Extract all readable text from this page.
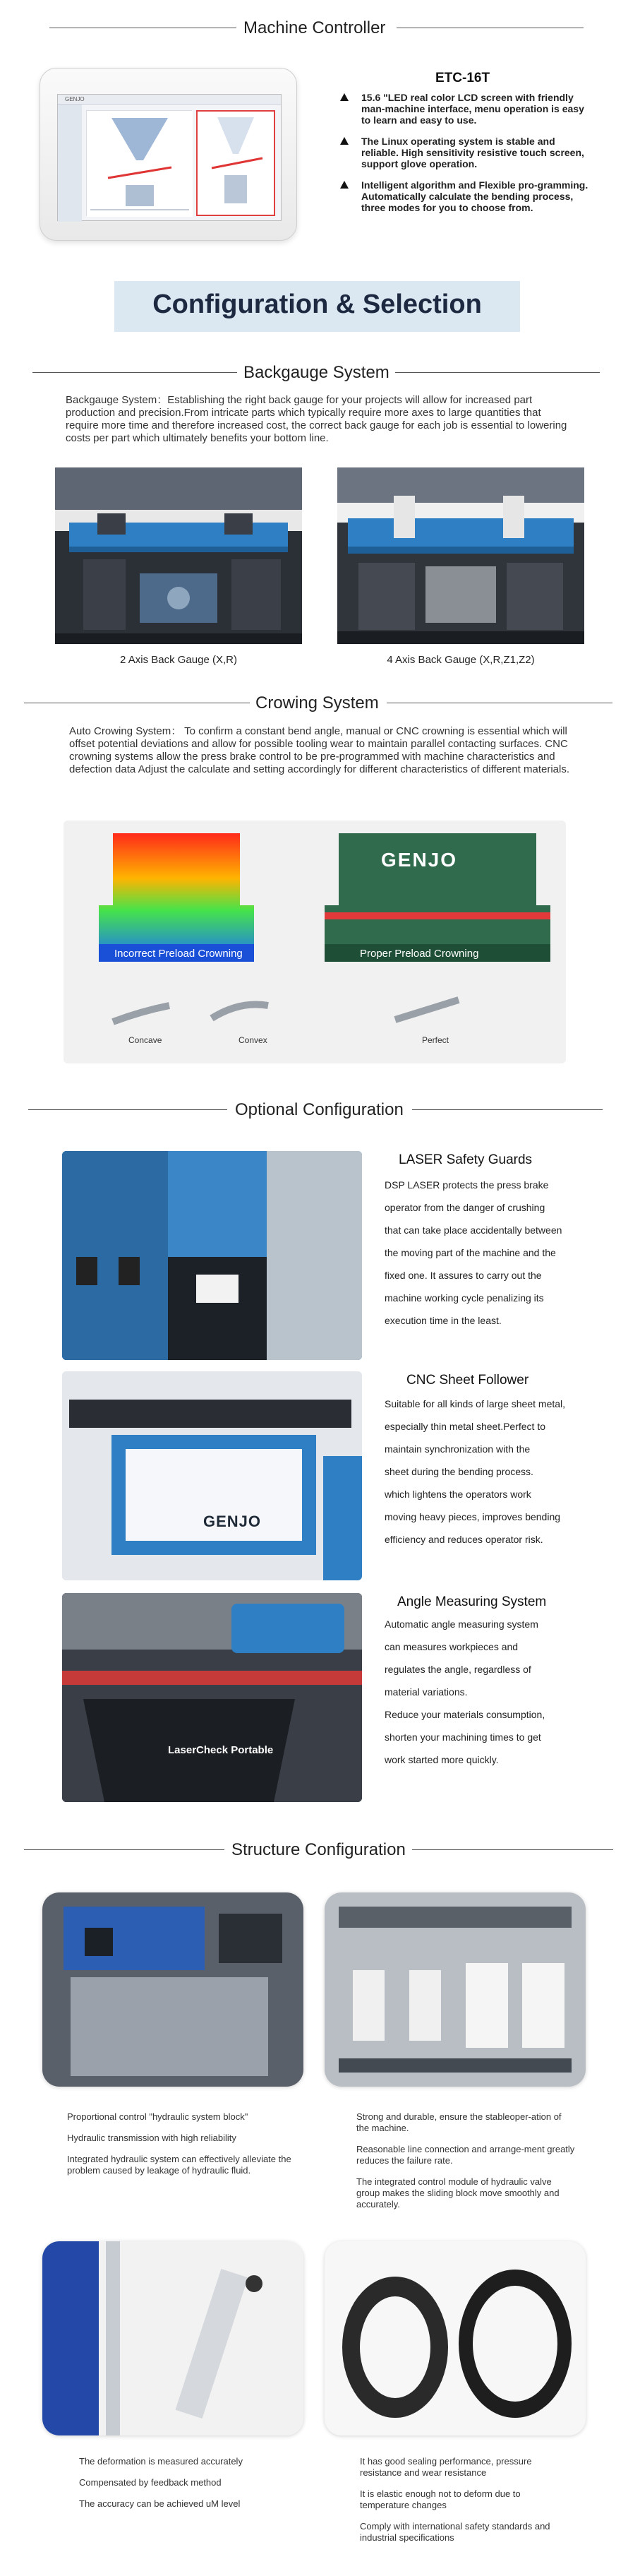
Machine Controller
GENJO
ETC-16T
15.6 "LED real color LCD screen with friendly man-machine interface, menu operation is easy to learn and easy to use.
The Linux operating system is stable and reliable. High sensitivity resistive touch screen, support glove operation.
Intelligent algorithm and Flexible pro-gramming. Automatically calculate the bending process, three modes for you to choose from.
Configuration & Selection
Backgauge System
Backgauge System：Establishing the right back gauge for your projects will allow for increased part production and precision.From intricate parts which typically require more axes to large quantities that require more time and therefore increased cost, the correct back gauge for each job is essential to lowering costs per part which ultimately benefits your bottom line.
2 Axis Back Gauge (X,R)	4 Axis Back Gauge (X,R,Z1,Z2)
Crowing System
Auto Crowing System： To confirm a constant bend angle, manual or CNC crowning is essential which will offset potential deviations and allow for possible tooling wear to maintain parallel contacting surfaces. CNC crowning systems allow the press brake control to be pre-programmed with machine characteristics and defection data Adjust the calculate and setting accordingly for different characteristics of different materials.
Incorrect Preload Crowning
GENJO
Proper Preload Crowning
Concave	Convex	Perfect
Optional Configuration
LASER Safety Guards
DSP LASER protects the press brake
operator from the danger of crushing
that can take place accidentally between
the moving part of the machine and the
fixed one. It assures to carry out the
machine working cycle penalizing its
execution time in the least.
GENJO
CNC Sheet Follower
Suitable for all kinds of large sheet metal,
especially thin metal sheet.Perfect to
maintain synchronization with the
sheet during the bending process.
which lightens the operators work
moving heavy pieces, improves bending
efficiency and reduces operator risk.
LaserCheck Portable
Angle Measuring System
Automatic angle measuring system
can measures workpieces and
regulates the angle, regardless of
material variations.
Reduce your materials consumption,
shorten your machining times to get
work started more quickly.
Structure Configuration

Proportional control "hydraulic system block"

Hydraulic transmission with high reliability

Integrated hydraulic system can effectively alleviate the problem caused by leakage of hydraulic fluid.

Strong and durable, ensure the stableoper-ation of the machine.

Reasonable line connection and arrange-ment greatly reduces the failure rate.

The integrated control module of hydraulic valve group makes the sliding block move smoothly and accurately.

The deformation is measured accurately

Compensated by feedback method

The accuracy can be achieved uM level

It has good sealing performance, pressure resistance and wear resistance

It is elastic enough not to deform due to temperature changes

Comply with international safety standards and industrial specifications
